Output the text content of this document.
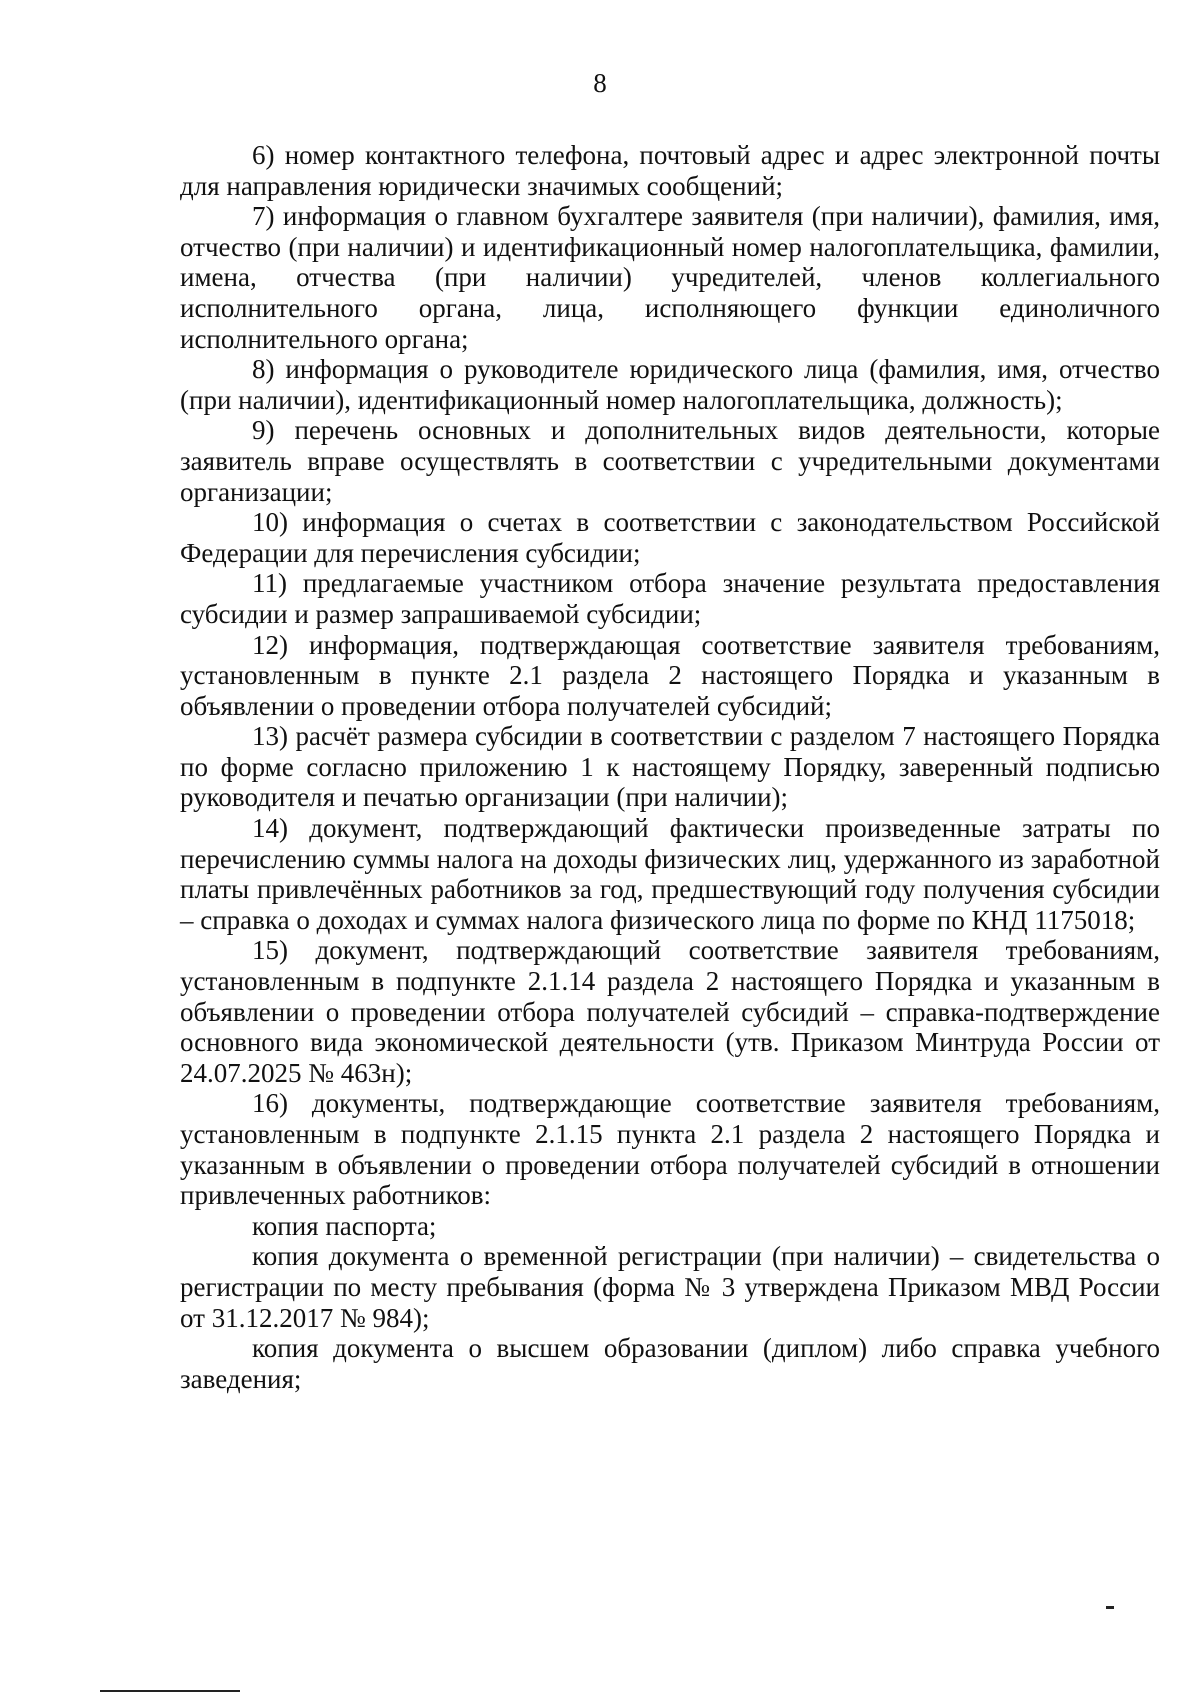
8

6) номер контактного телефона, почтовый адрес и адрес электронной почты для направления юридически значимых сообщений;

7) информация о главном бухгалтере заявителя (при наличии), фамилия, имя, отчество (при наличии) и идентификационный номер налогоплательщика, фамилии, имена, отчества (при наличии) учредителей, членов коллегиального исполнительного органа, лица, исполняющего функции единоличного исполнительного органа;

8) информация о руководителе юридического лица (фамилия, имя, отчество (при наличии), идентификационный номер налогоплательщика, должность);

9) перечень основных и дополнительных видов деятельности, которые заявитель вправе осуществлять в соответствии с учредительными документами организации;

10) информация о счетах в соответствии с законодательством Российской Федерации для перечисления субсидии;

11) предлагаемые участником отбора значение результата предоставления субсидии и размер запрашиваемой субсидии;

12) информация, подтверждающая соответствие заявителя требованиям, установленным в пункте 2.1 раздела 2 настоящего Порядка и указанным в объявлении о проведении отбора получателей субсидий;

13) расчёт размера субсидии в соответствии с разделом 7 настоящего Порядка по форме согласно приложению 1 к настоящему Порядку, заверенный подписью руководителя и печатью организации (при наличии);

14) документ, подтверждающий фактически произведенные затраты по перечислению суммы налога на доходы физических лиц, удержанного из заработной платы привлечённых работников за год, предшествующий году получения субсидии – справка о доходах и суммах налога физического лица по форме по КНД 1175018;

15) документ, подтверждающий соответствие заявителя требованиям, установленным в подпункте 2.1.14 раздела 2 настоящего Порядка и указанным в объявлении о проведении отбора получателей субсидий – справка-подтверждение основного вида экономической деятельности (утв. Приказом Минтруда России от 24.07.2025 № 463н);

16) документы, подтверждающие соответствие заявителя требованиям, установленным в подпункте 2.1.15 пункта 2.1 раздела 2 настоящего Порядка и указанным в объявлении о проведении отбора получателей субсидий в отношении привлеченных работников:

копия паспорта;

копия документа о временной регистрации (при наличии) – свидетельства о регистрации по месту пребывания (форма № 3 утверждена Приказом МВД России от 31.12.2017 № 984);

копия документа о высшем образовании (диплом) либо справка учебного заведения;
